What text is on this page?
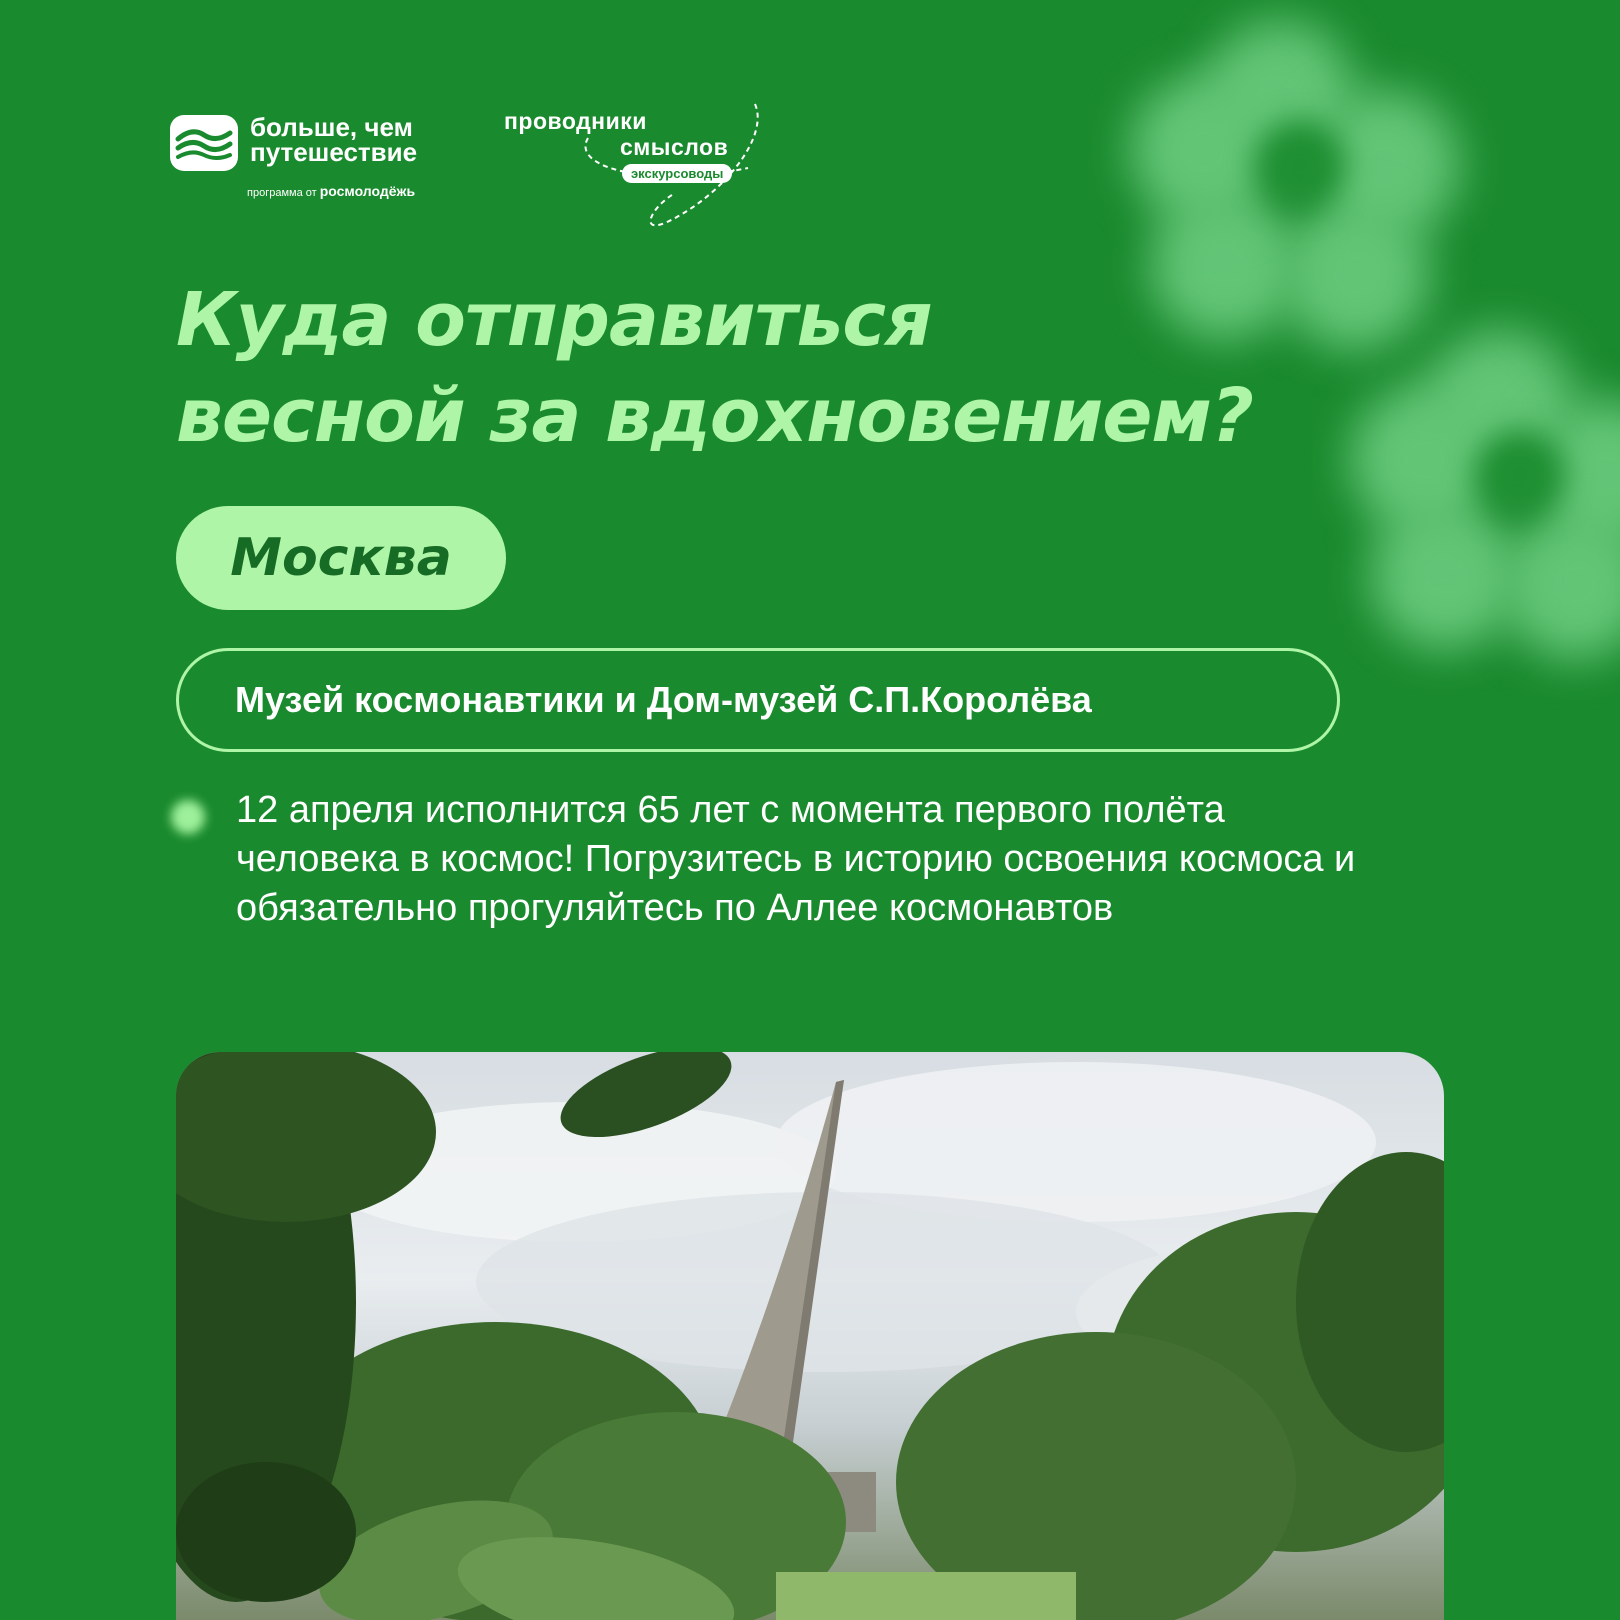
больше, чем
путешествие
программа от росмолодёжь
проводники
смыслов
экскурсоводы
Куда отправиться
весной за вдохновением?
Москва
Музей космонавтики и Дом-музей С.П.Королёва
12 апреля исполнится 65 лет с момента первого полёта человека в космос! Погрузитесь в историю освоения космоса и обязательно прогуляйтесь по Аллее космонавтов
